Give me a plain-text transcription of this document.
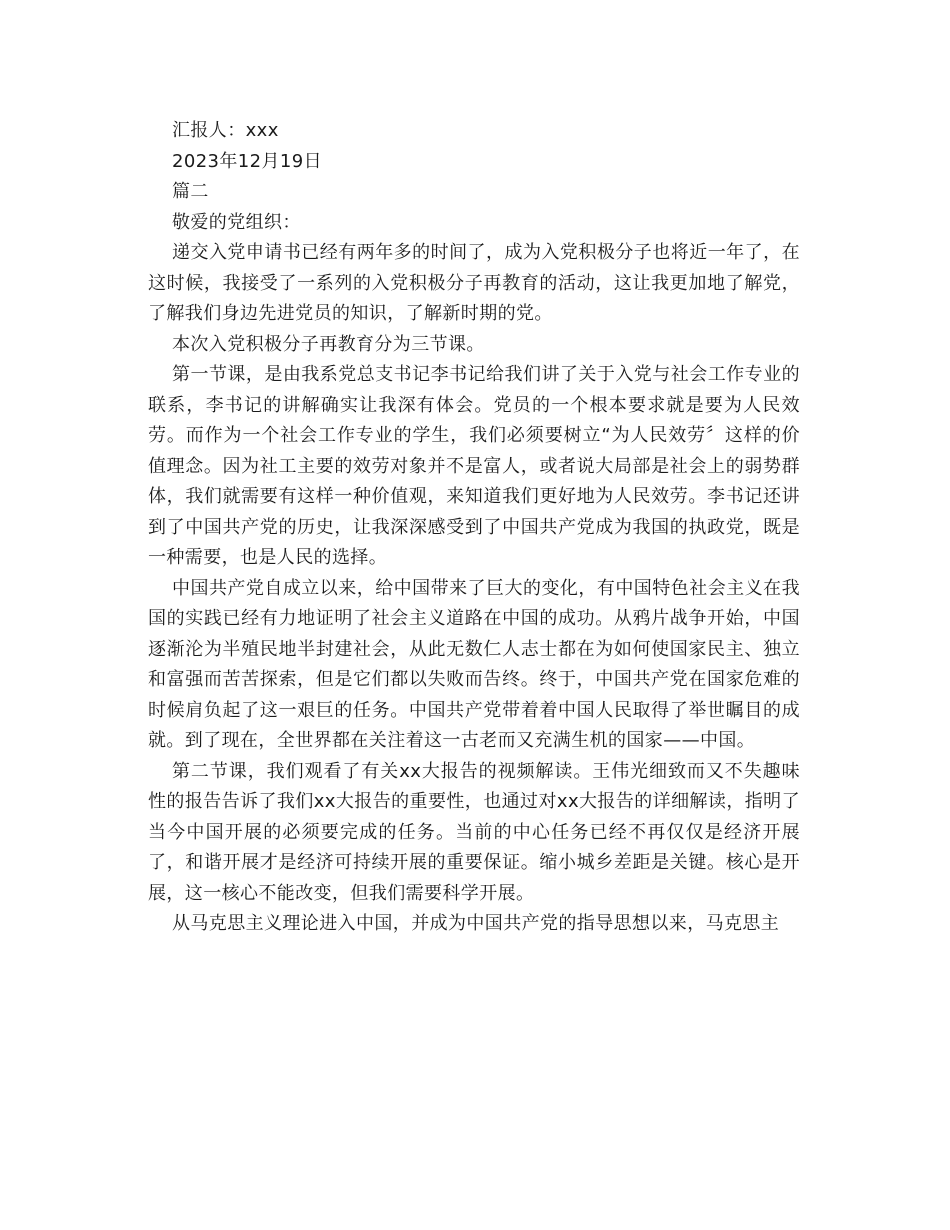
汇报人：xxx

2023年12月19日

篇二

敬爱的党组织：

递交入党申请书已经有两年多的时间了，成为入党积极分子也将近一年了，在这时候，我接受了一系列的入党积极分子再教育的活动，这让我更加地了解党，了解我们身边先进党员的知识，了解新时期的党。

本次入党积极分子再教育分为三节课。

第一节课，是由我系党总支书记李书记给我们讲了关于入党与社会工作专业的联系，李书记的讲解确实让我深有体会。党员的一个根本要求就是要为人民效劳。而作为一个社会工作专业的学生，我们必须要树立“为人民效劳〞这样的价值理念。因为社工主要的效劳对象并不是富人，或者说大局部是社会上的弱势群体，我们就需要有这样一种价值观，来知道我们更好地为人民效劳。李书记还讲到了中国共产党的历史，让我深深感受到了中国共产党成为我国的执政党，既是一种需要，也是人民的选择。

中国共产党自成立以来，给中国带来了巨大的变化，有中国特色社会主义在我国的实践已经有力地证明了社会主义道路在中国的成功。从鸦片战争开始，中国逐渐沦为半殖民地半封建社会，从此无数仁人志士都在为如何使国家民主、独立和富强而苦苦探索，但是它们都以失败而告终。终于，中国共产党在国家危难的时候肩负起了这一艰巨的任务。中国共产党带着着中国人民取得了举世瞩目的成就。到了现在，全世界都在关注着这一古老而又充满生机的国家——中国。

第二节课，我们观看了有关xx大报告的视频解读。王伟光细致而又不失趣味性的报告告诉了我们xx大报告的重要性，也通过对xx大报告的详细解读，指明了当今中国开展的必须要完成的任务。当前的中心任务已经不再仅仅是经济开展了，和谐开展才是经济可持续开展的重要保证。缩小城乡差距是关键。核心是开展，这一核心不能改变，但我们需要科学开展。

从马克思主义理论进入中国，并成为中国共产党的指导思想以来，马克思主
